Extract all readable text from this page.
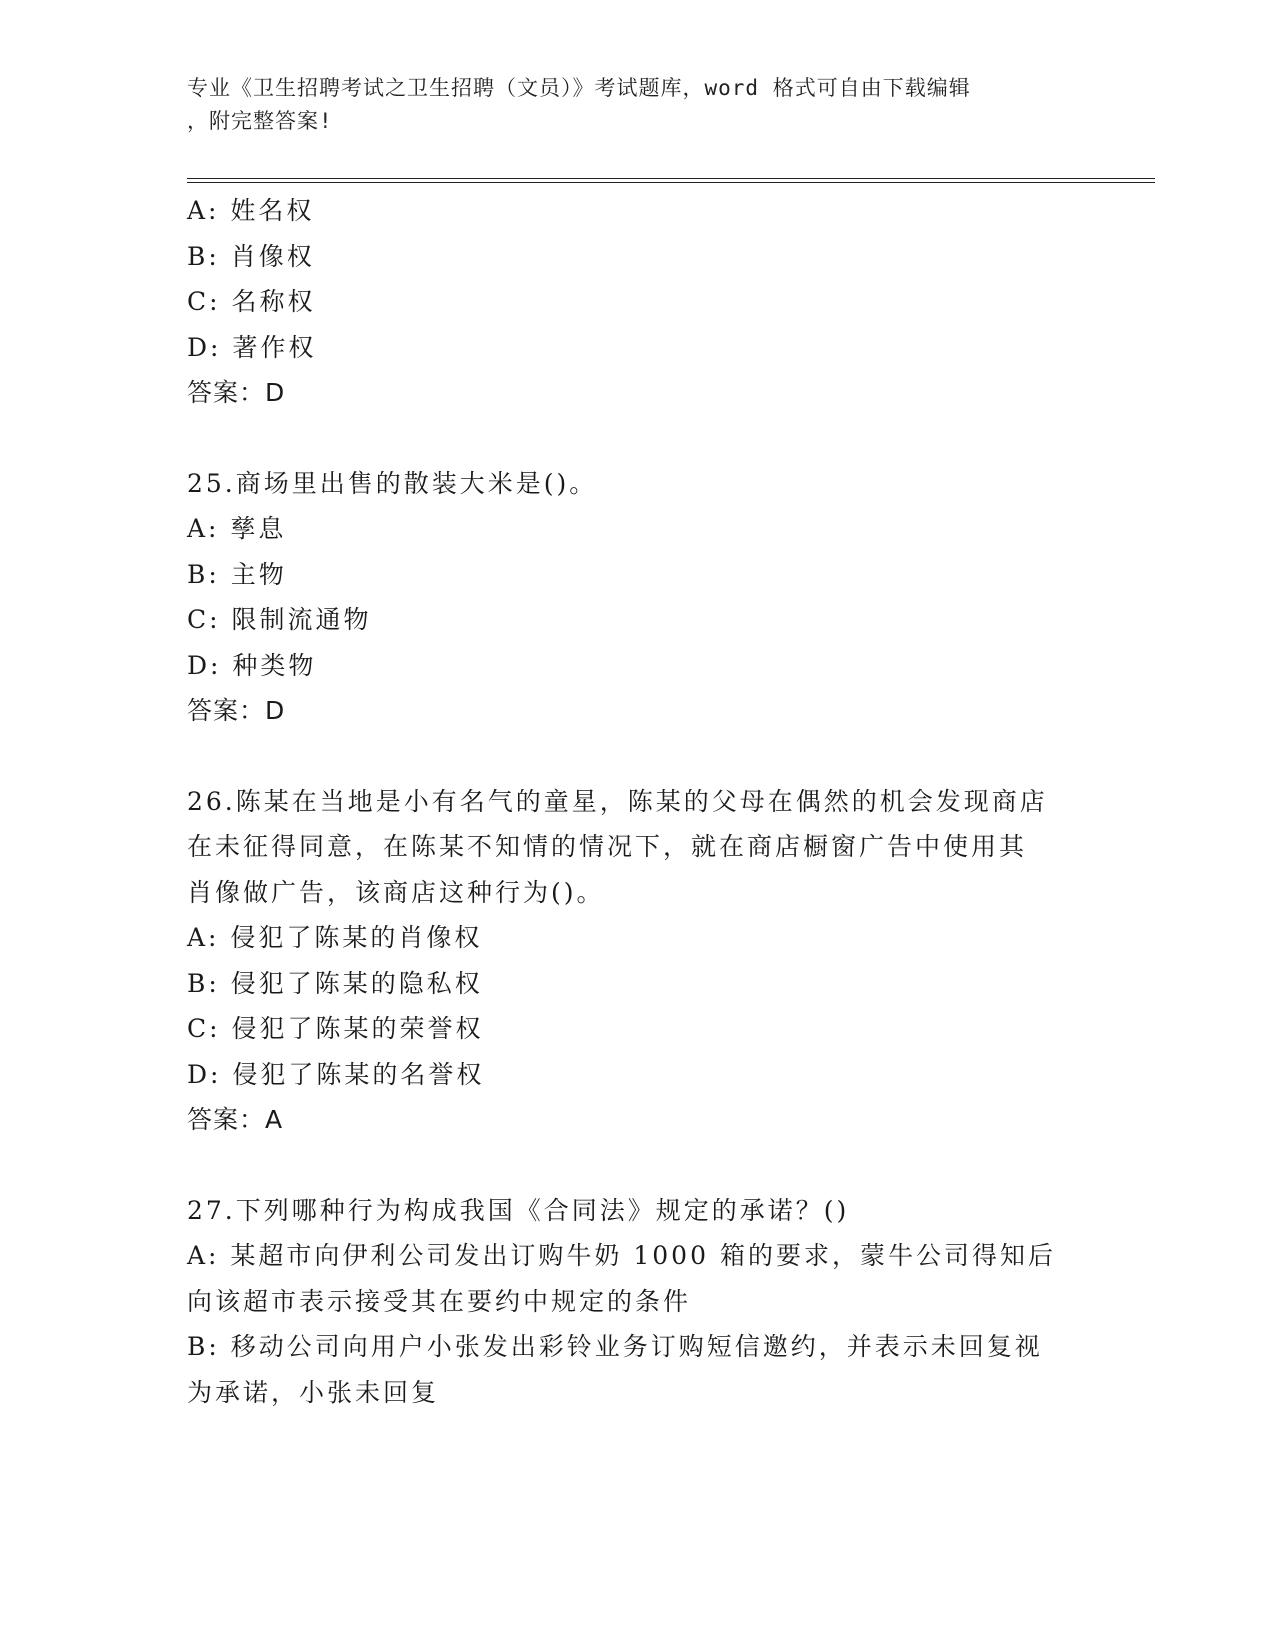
专业《卫生招聘考试之卫生招聘（文员）》考试题库，word 格式可自由下载编辑
，附完整答案!

A: 姓名权

B: 肖像权

C: 名称权

D: 著作权

答案：D

25.商场里出售的散装大米是()。

A: 孳息

B: 主物

C: 限制流通物

D: 种类物

答案：D

26.陈某在当地是小有名气的童星，陈某的父母在偶然的机会发现商店

在未征得同意，在陈某不知情的情况下，就在商店橱窗广告中使用其

肖像做广告，该商店这种行为()。

A: 侵犯了陈某的肖像权

B: 侵犯了陈某的隐私权

C: 侵犯了陈某的荣誉权

D: 侵犯了陈某的名誉权

答案：A

27.下列哪种行为构成我国《合同法》规定的承诺？()

A: 某超市向伊利公司发出订购牛奶 1000 箱的要求，蒙牛公司得知后

向该超市表示接受其在要约中规定的条件

B: 移动公司向用户小张发出彩铃业务订购短信邀约，并表示未回复视

为承诺，小张未回复
